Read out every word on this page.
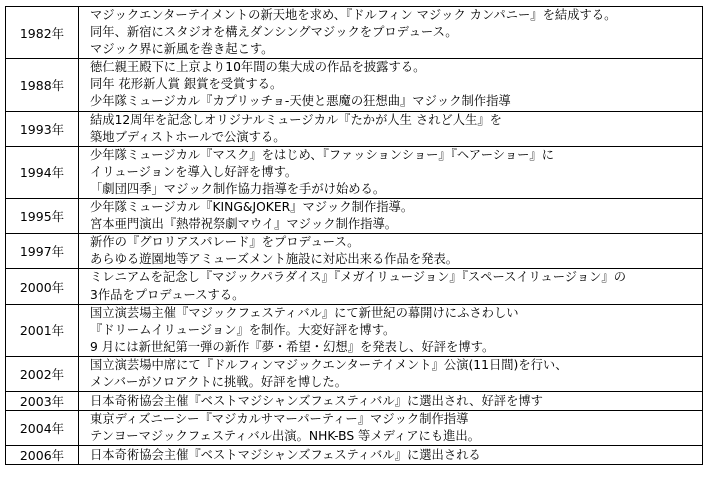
1982年	マジックエンターテイメントの新天地を求め、『ドルフィン マジック カンパニー』を結成する。
同年、新宿にスタジオを構えダンシングマジックをプロデュース。
マジック界に新風を巻き起こす。

1988年	徳仁親王殿下に上京より10年間の集大成の作品を披露する。
同年 花形新人賞 銀賞を受賞する。
少年隊ミュージカル『カプリッチョ-天使と悪魔の狂想曲』マジック制作指導

1993年	結成12周年を記念しオリジナルミュージカル『たかが人生 されど人生』を
築地ブディストホールで公演する。

1994年	少年隊ミュージカル『マスク』をはじめ、『ファッションショー』『ヘアーショー』に
イリュージョンを導入し好評を博す。
「劇団四季」マジック制作協力指導を手がけ始める。

1995年	少年隊ミュージカル『KING&JOKER』マジック制作指導。
宮本亜門演出『熱帯祝祭劇マウイ』マジック制作指導。

1997年	新作の『グロリアスパレード』をプロデュース。
あらゆる遊園地等アミューズメント施設に対応出来る作品を発表。

2000年	ミレニアムを記念し『マジックパラダイス』『メガイリュージョン』『スペースイリュージョン』の
3作品をプロデュースする。

2001年	国立演芸場主催『マジックフェスティバル』にて新世紀の幕開けにふさわしい
『ドリームイリュージョン』を制作。大変好評を博す。
9 月には新世紀第一弾の新作『夢・希望・幻想』を発表し、好評を博す。

2002年	国立演芸場中席にて『ドルフィンマジックエンターテイメント』公演(11日間)を行い、
メンバーがソロアクトに挑戦。好評を博した。

2003年	日本奇術協会主催『ベストマジシャンズフェスティバル』に選出され、好評を博す

2004年	東京ディズニーシー『マジカルサマーパーティー』マジック制作指導
テンヨーマジックフェスティバル出演。NHK-BS 等メディアにも進出。

2006年	日本奇術協会主催『ベストマジシャンズフェスティバル』に選出される
